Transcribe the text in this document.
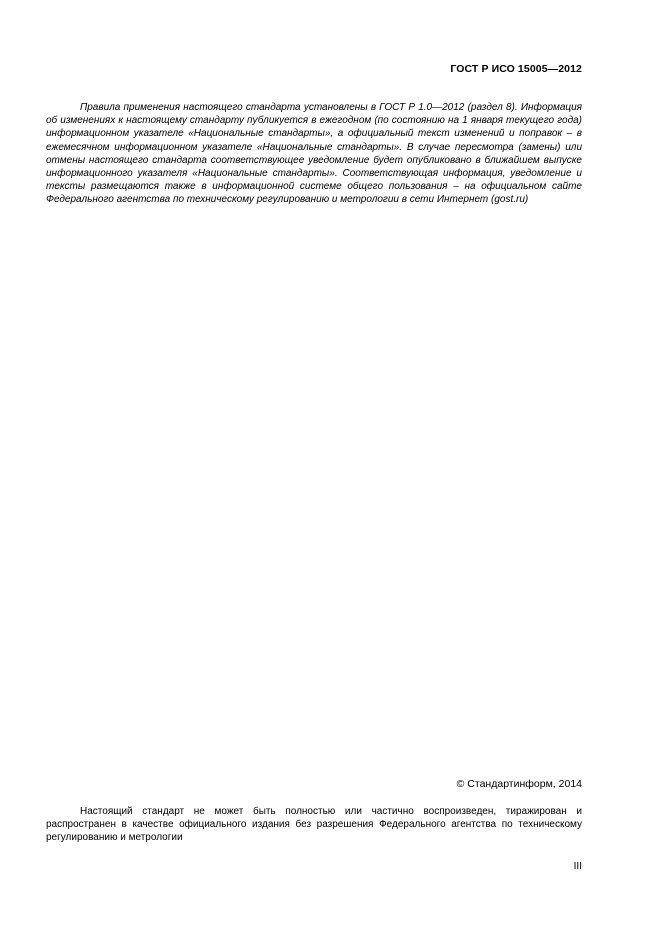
ГОСТ Р ИСО 15005—2012

Правила применения настоящего стандарта установлены в ГОСТ Р 1.0—2012 (раздел 8). Информация об изменениях к настоящему стандарту публикуется в ежегодном (по состоянию на 1 января текущего года) информационном указателе «Национальные стандарты», а официальный текст изменений и поправок – в ежемесячном информационном указателе «Национальные стандарты». В случае пересмотра (замены) или отмены настоящего стандарта соответствующее уведомление будет опубликовано в ближайшем выпуске информационного указателя «Национальные стандарты». Соответствующая информация, уведомление и тексты размещаются также в информационной системе общего пользования – на официальном сайте Федерального агентства по техническому регулированию и метрологии в сети Интернет (gost.ru)

© Стандартинформ, 2014

Настоящий стандарт не может быть полностью или частично воспроизведен, тиражирован и распространен в качестве официального издания без разрешения Федерального агентства по техническому регулированию и метрологии

III
